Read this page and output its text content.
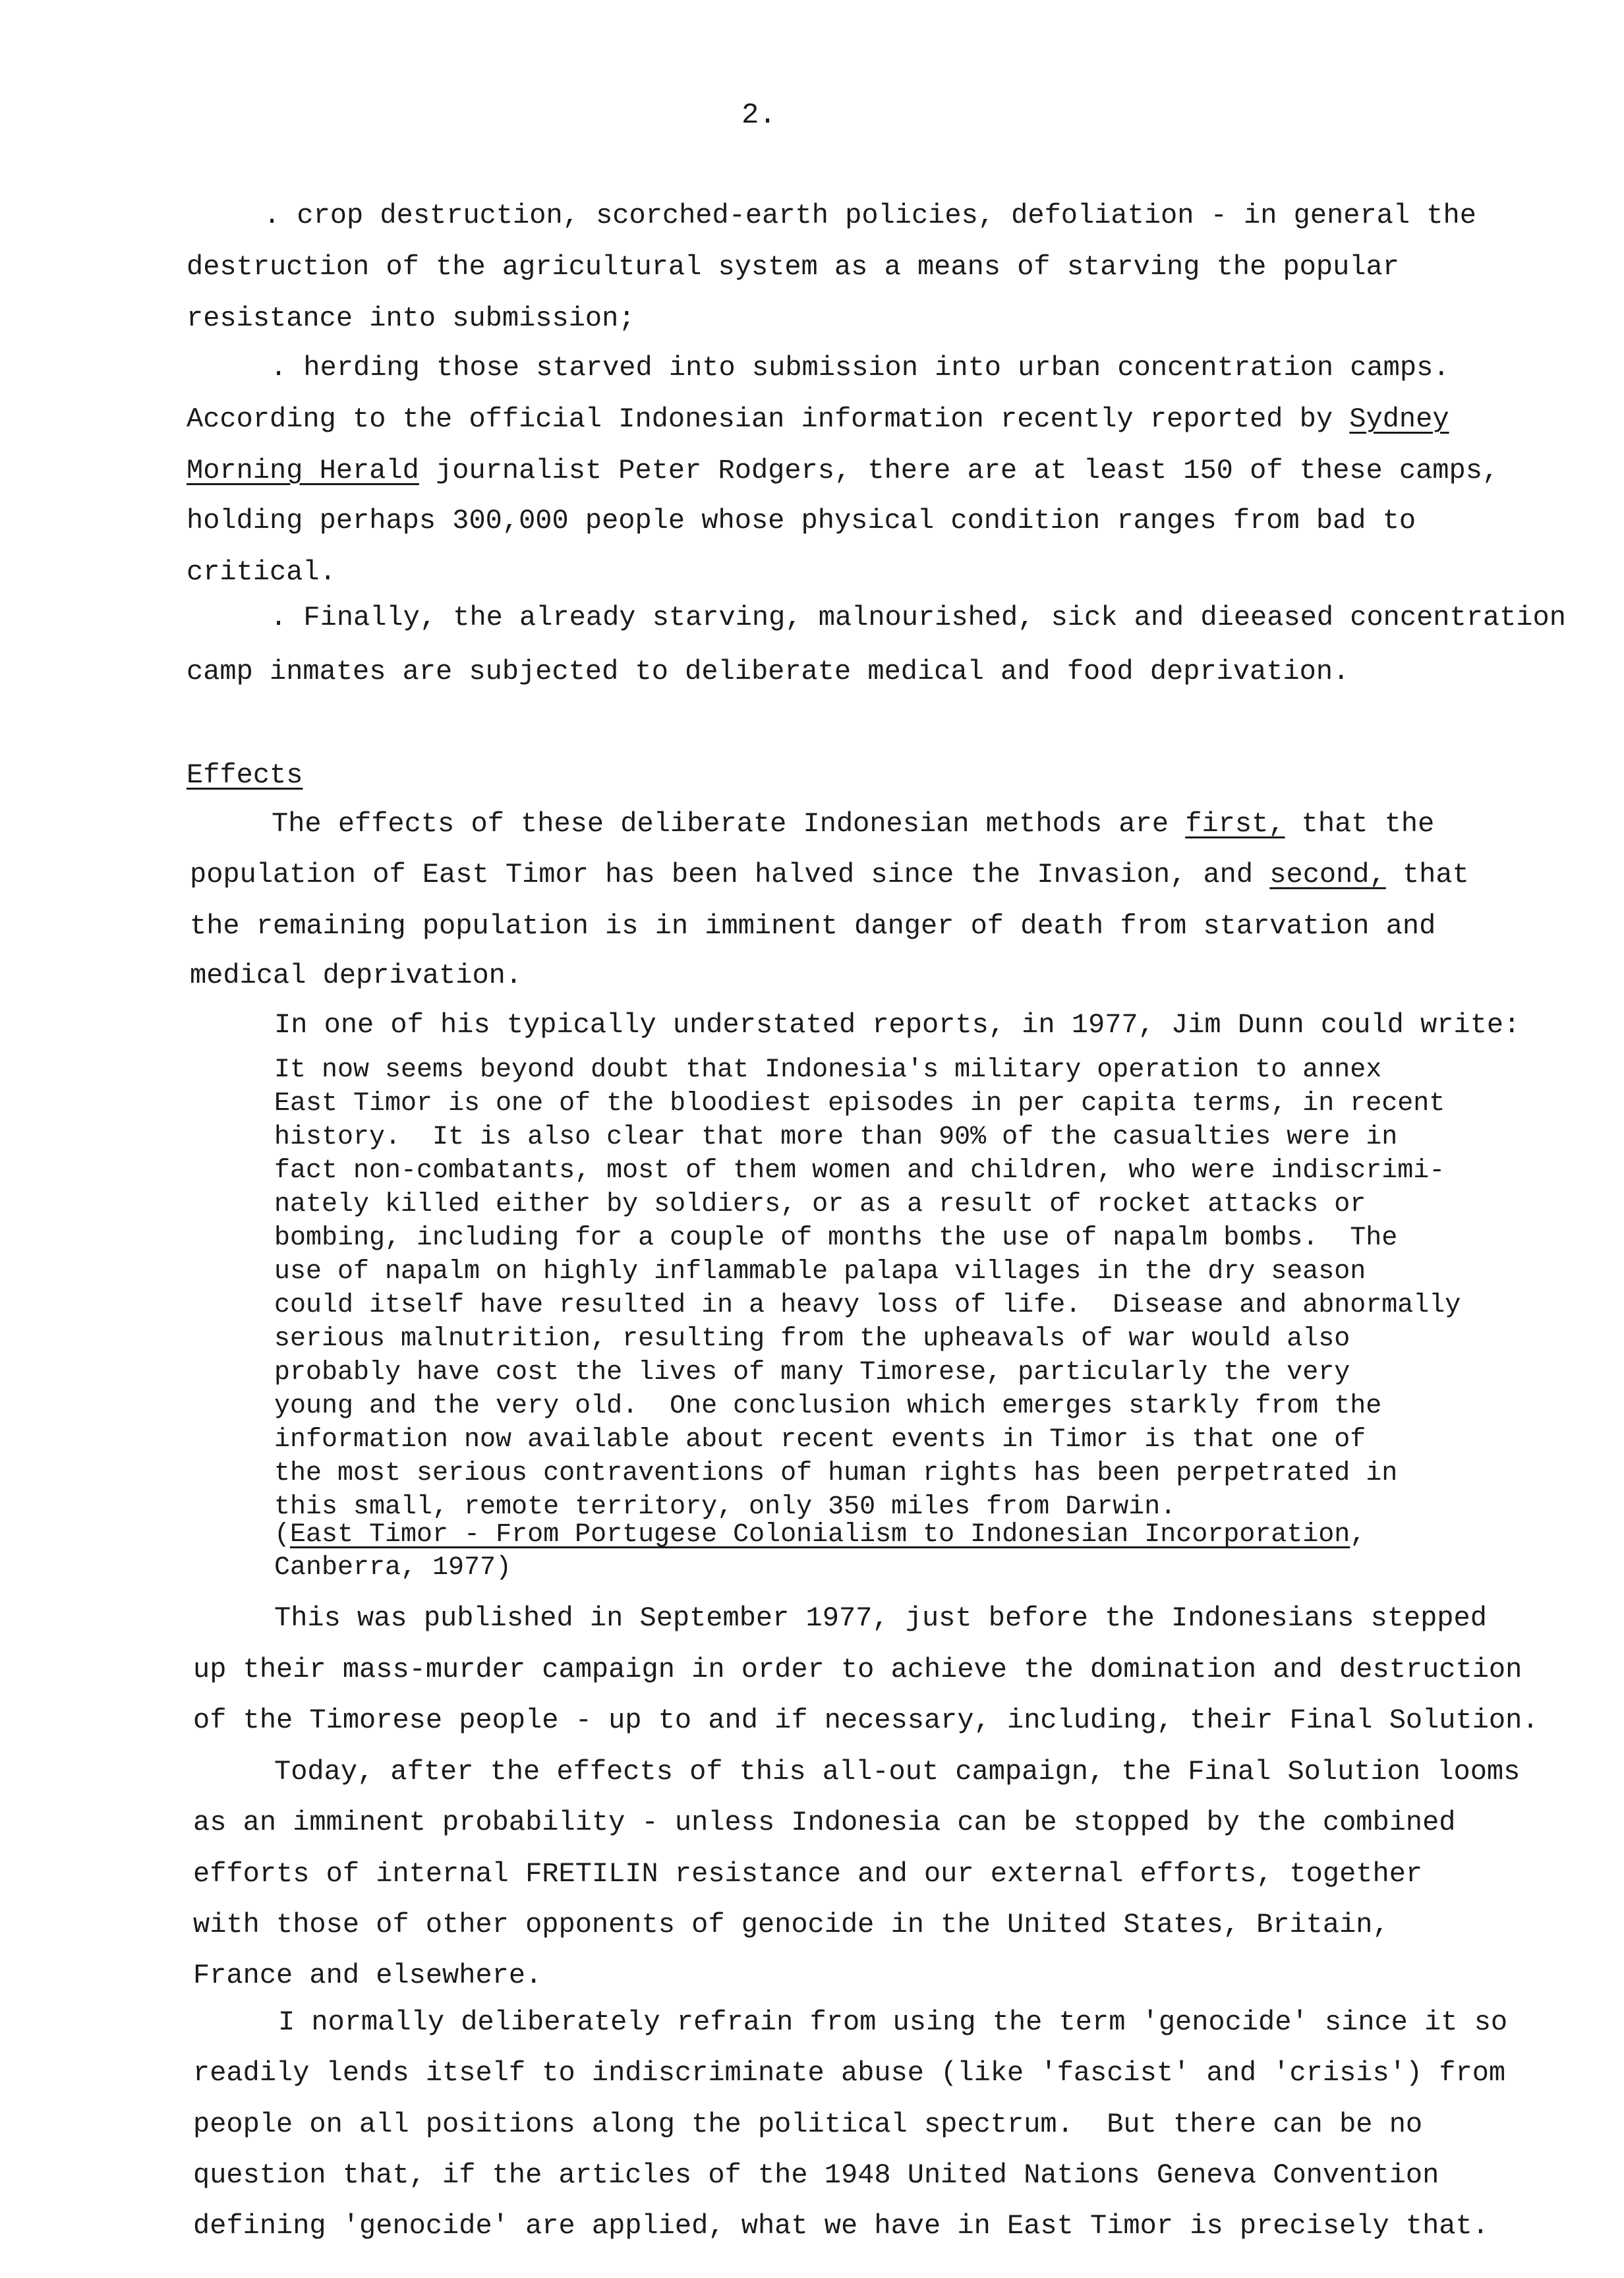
2.
. crop destruction, scorched-earth policies, defoliation - in general the
destruction of the agricultural system as a means of starving the popular
resistance into submission;
. herding those starved into submission into urban concentration camps.
According to the official Indonesian information recently reported by Sydney
Morning Herald journalist Peter Rodgers, there are at least 150 of these camps,
holding perhaps 300,000 people whose physical condition ranges from bad to
critical.
. Finally, the already starving, malnourished, sick and dieeased concentration
camp inmates are subjected to deliberate medical and food deprivation.
Effects
The effects of these deliberate Indonesian methods are first, that the
population of East Timor has been halved since the Invasion, and second, that
the remaining population is in imminent danger of death from starvation and
medical deprivation.
In one of his typically understated reports, in 1977, Jim Dunn could write:
It now seems beyond doubt that Indonesia's military operation to annex
East Timor is one of the bloodiest episodes in per capita terms, in recent
history.  It is also clear that more than 90% of the casualties were in
fact non-combatants, most of them women and children, who were indiscrimi-
nately killed either by soldiers, or as a result of rocket attacks or
bombing, including for a couple of months the use of napalm bombs.  The
use of napalm on highly inflammable palapa villages in the dry season
could itself have resulted in a heavy loss of life.  Disease and abnormally
serious malnutrition, resulting from the upheavals of war would also
probably have cost the lives of many Timorese, particularly the very
young and the very old.  One conclusion which emerges starkly from the
information now available about recent events in Timor is that one of
the most serious contraventions of human rights has been perpetrated in
this small, remote territory, only 350 miles from Darwin.
(East Timor - From Portugese Colonialism to Indonesian Incorporation,
Canberra, 1977)
This was published in September 1977, just before the Indonesians stepped
up their mass-murder campaign in order to achieve the domination and destruction
of the Timorese people - up to and if necessary, including, their Final Solution.
Today, after the effects of this all-out campaign, the Final Solution looms
as an imminent probability - unless Indonesia can be stopped by the combined
efforts of internal FRETILIN resistance and our external efforts, together
with those of other opponents of genocide in the United States, Britain,
France and elsewhere.
I normally deliberately refrain from using the term 'genocide' since it so
readily lends itself to indiscriminate abuse (like 'fascist' and 'crisis') from
people on all positions along the political spectrum.  But there can be no
question that, if the articles of the 1948 United Nations Geneva Convention
defining 'genocide' are applied, what we have in East Timor is precisely that.
